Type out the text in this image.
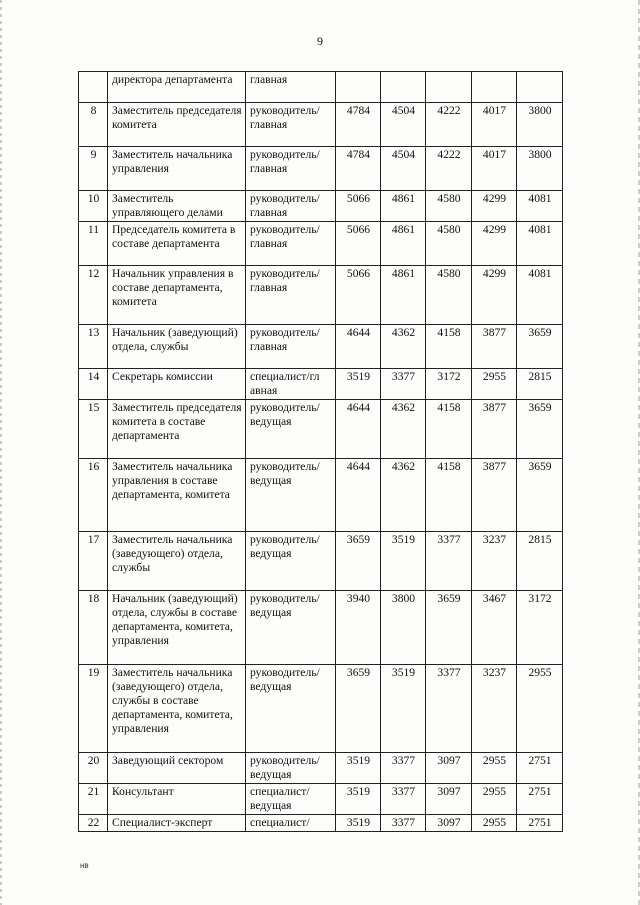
9
	директора департамента	главная					
8	Заместитель председателя комитета	руководитель/ главная	4784	4504	4222	4017	3800
9	Заместитель начальника управления	руководитель/ главная	4784	4504	4222	4017	3800
10	Заместитель управляющего делами	руководитель/ главная	5066	4861	4580	4299	4081
11	Председатель комитета в составе департамента	руководитель/ главная	5066	4861	4580	4299	4081
12	Начальник управления в составе департамента, комитета	руководитель/ главная	5066	4861	4580	4299	4081
13	Начальник (заведующий) отдела, службы	руководитель/ главная	4644	4362	4158	3877	3659
14	Секретарь комиссии	специалист/гл авная	3519	3377	3172	2955	2815
15	Заместитель председателя комитета в составе департамента	руководитель/ ведущая	4644	4362	4158	3877	3659
16	Заместитель начальника управления в составе департамента, комитета	руководитель/ ведущая	4644	4362	4158	3877	3659
17	Заместитель начальника (заведующего) отдела, службы	руководитель/ ведущая	3659	3519	3377	3237	2815
18	Начальник (заведующий) отдела, службы в составе департамента, комитета, управления	руководитель/ ведущая	3940	3800	3659	3467	3172
19	Заместитель начальника (заведующего) отдела, службы в составе департамента, комитета, управления	руководитель/ ведущая	3659	3519	3377	3237	2955
20	Заведующий сектором	руководитель/ ведущая	3519	3377	3097	2955	2751
21	Консультант	специалист/ ведущая	3519	3377	3097	2955	2751
22	Специалист-эксперт	специалист/	3519	3377	3097	2955	2751
нв
